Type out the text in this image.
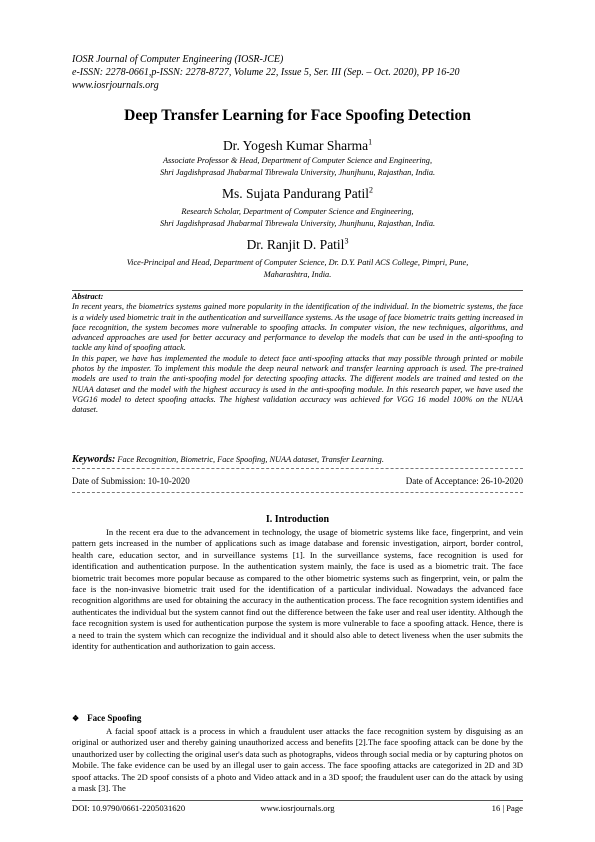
IOSR Journal of Computer Engineering (IOSR-JCE)
e-ISSN: 2278-0661,p-ISSN: 2278-8727, Volume 22, Issue 5, Ser. III (Sep. – Oct. 2020), PP 16-20
www.iosrjournals.org
Deep Transfer Learning for Face Spoofing Detection
Dr. Yogesh Kumar Sharma$^1$
Associate Professor & Head, Department of Computer Science and Engineering,
Shri Jagdishprasad Jhabarmal Tibrewala University, Jhunjhunu, Rajasthan, India.
Ms. Sujata Pandurang Patil$^2$
Research Scholar, Department of Computer Science and Engineering,
Shri Jagdishprasad Jhabarmal Tibrewala University, Jhunjhunu, Rajasthan, India.
Dr. Ranjit D. Patil$^3$
Vice-Principal and Head, Department of Computer Science, Dr. D.Y. Patil ACS College, Pimpri, Pune,
Maharashtra, India.
Abstract:

In recent years, the biometrics systems gained more popularity in the identification of the individual. In the biometric systems, the face is a widely used biometric trait in the authentication and surveillance systems. As the usage of face biometric traits getting increased in face recognition, the system becomes more vulnerable to spoofing attacks. In computer vision, the new techniques, algorithms, and advanced approaches are used for better accuracy and performance to develop the models that can be used in the anti-spoofing to tackle any kind of spoofing attack.

In this paper, we have has implemented the module to detect face anti-spoofing attacks that may possible through printed or mobile photos by the imposter. To implement this module the deep neural network and transfer learning approach is used. The pre-trained models are used to train the anti-spoofing model for detecting spoofing attacks. The different models are trained and tested on the NUAA dataset and the model with the highest accuracy is used in the anti-spoofing module. In this research paper, we have used the VGG16 model to detect spoofing attacks. The highest validation accuracy was achieved for VGG 16 model 100% on the NUAA dataset.

Keywords: Face Recognition, Biometric, Face Spoofing, NUAA dataset, Transfer Learning.
Date of Submission: 10-10-2020	Date of Acceptance: 26-10-2020
I. Introduction

In the recent era due to the advancement in technology, the usage of biometric systems like face, fingerprint, and vein pattern gets increased in the number of applications such as image database and forensic investigation, airport, border control, health care, education sector, and in surveillance systems [1]. In the surveillance systems, face recognition is used for identification and authentication purpose. In the authentication system mainly, the face is used as a biometric trait. The face biometric trait becomes more popular because as compared to the other biometric systems such as fingerprint, vein, or palm the face is the non-invasive biometric trait used for the identification of a particular individual. Nowadays the advanced face recognition algorithms are used for obtaining the accuracy in the authentication process. The face recognition system identifies and authenticates the individual but the system cannot find out the difference between the fake user and real user identity. Although the face recognition system is used for authentication purpose the system is more vulnerable to face a spoofing attack. Hence, there is a need to train the system which can recognize the individual and it should also able to detect liveness when the user submits the identity for authentication and authorization to gain access.

❖ Face Spoofing

A facial spoof attack is a process in which a fraudulent user attacks the face recognition system by disguising as an original or authorized user and thereby gaining unauthorized access and benefits [2].The face spoofing attack can be done by the unauthorized user by collecting the original user's data such as photographs, videos through social media or by capturing photos on Mobile. The fake evidence can be used by an illegal user to gain access. The face spoofing attacks are categorized in 2D and 3D spoof attacks. The 2D spoof consists of a photo and Video attack and in a 3D spoof; the fraudulent user can do the attack by using a mask [3]. The

DOI: 10.9790/0661-2205031620	www.iosrjournals.org	16 | Page
